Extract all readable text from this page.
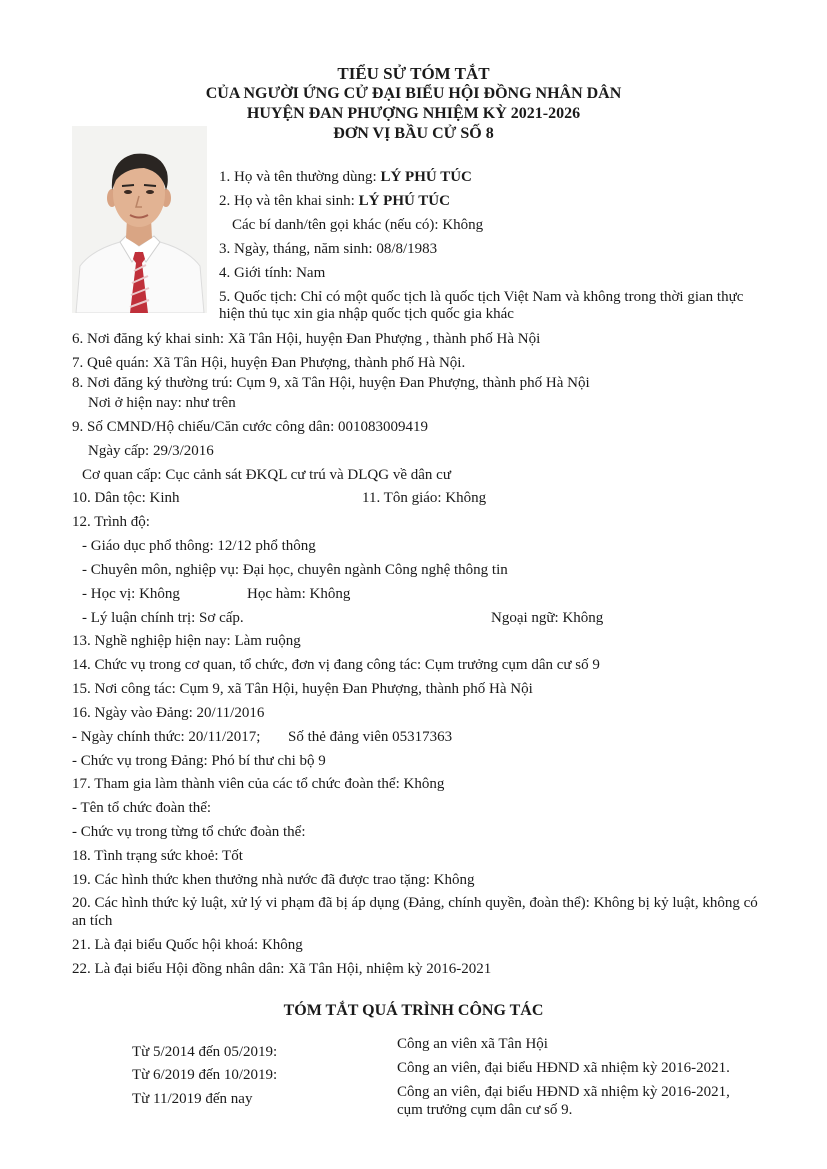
TIỂU SỬ TÓM TẮT
CỦA NGƯỜI ỨNG CỬ ĐẠI BIỂU HỘI ĐỒNG NHÂN DÂN
HUYỆN ĐAN PHƯỢNG NHIỆM KỲ 2021-2026
ĐƠN VỊ BẦU CỬ SỐ 8
1. Họ và tên thường dùng: LÝ PHÚ TÚC
2. Họ và tên khai sinh: LÝ PHÚ TÚC
Các bí danh/tên gọi khác (nếu có): Không
3. Ngày, tháng, năm sinh: 08/8/1983
4. Giới tính: Nam
5. Quốc tịch: Chỉ có một quốc tịch là quốc tịch Việt Nam và không trong thời gian thực
hiện thủ tục xin gia nhập quốc tịch quốc gia khác
6. Nơi đăng ký khai sinh: Xã Tân Hội, huyện Đan Phượng , thành phố Hà Nội
7. Quê quán: Xã Tân Hội, huyện Đan Phượng, thành phố Hà Nội.
8. Nơi đăng ký thường trú: Cụm 9, xã Tân Hội, huyện Đan Phượng, thành phố Hà Nội
Nơi ở hiện nay: như trên
9. Số CMND/Hộ chiếu/Căn cước công dân: 001083009419
Ngày cấp: 29/3/2016
Cơ quan cấp: Cục cảnh sát ĐKQL cư trú và DLQG về dân cư
10. Dân tộc: Kinh	11. Tôn giáo: Không
12. Trình độ:
- Giáo dục phổ thông: 12/12 phổ thông
- Chuyên môn, nghiệp vụ: Đại học, chuyên ngành Công nghệ thông tin
- Học vị: Không	Học hàm: Không
- Lý luận chính trị: Sơ cấp.	Ngoại ngữ: Không
13. Nghề nghiệp hiện nay: Làm ruộng
14. Chức vụ trong cơ quan, tổ chức, đơn vị đang công tác: Cụm trưởng cụm dân cư số 9
15. Nơi công tác: Cụm 9, xã Tân Hội, huyện Đan Phượng, thành phố Hà Nội
16. Ngày vào Đảng: 20/11/2016
- Ngày chính thức: 20/11/2017; Số thẻ đảng viên 05317363
- Chức vụ trong Đảng: Phó bí thư chi bộ 9
17. Tham gia làm thành viên của các tổ chức đoàn thể: Không
- Tên tổ chức đoàn thể:
- Chức vụ trong từng tổ chức đoàn thể:
18. Tình trạng sức khoẻ: Tốt
19. Các hình thức khen thưởng nhà nước đã được trao tặng: Không
20. Các hình thức kỷ luật, xử lý vi phạm đã bị áp dụng (Đảng, chính quyền, đoàn thể): Không bị kỷ luật, không có
an tích
21. Là đại biểu Quốc hội khoá: Không
22. Là đại biểu Hội đồng nhân dân: Xã Tân Hội, nhiệm kỳ 2016-2021
TÓM TẮT QUÁ TRÌNH CÔNG TÁC
Từ 5/2014 đến 05/2019:	Công an viên xã Tân Hội
Từ 6/2019 đến 10/2019:	Công an viên, đại biểu HĐND xã nhiệm kỳ 2016-2021.
Từ 11/2019 đến nay	Công an viên, đại biểu HĐND xã nhiệm kỳ 2016-2021,
cụm trưởng cụm dân cư số 9.
